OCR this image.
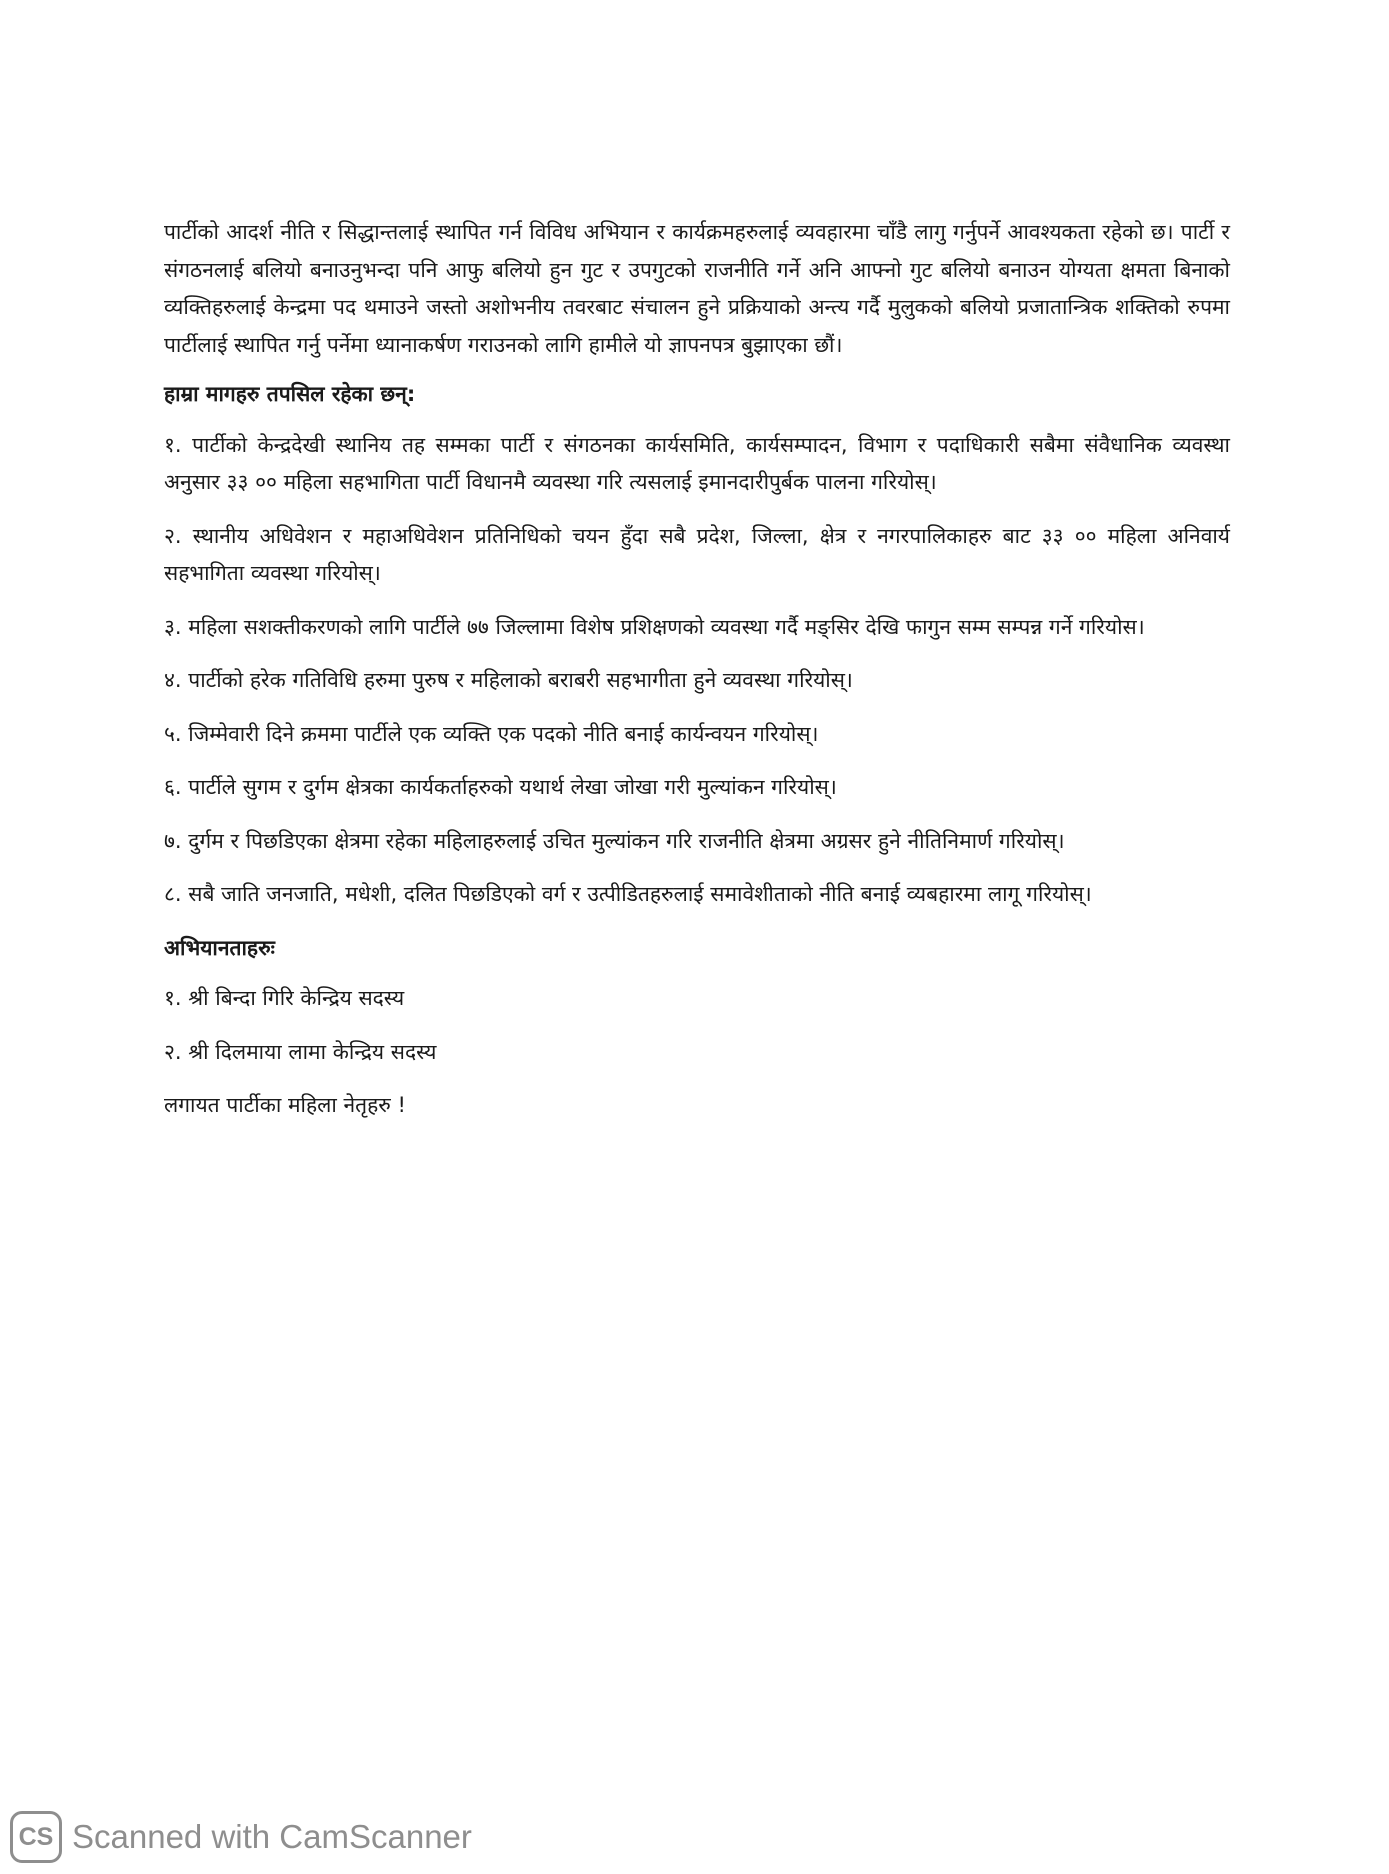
पार्टीको आदर्श नीति र सिद्धान्तलाई स्थापित गर्न विविध अभियान र कार्यक्रमहरुलाई व्यवहारमा चाँडै लागु गर्नुपर्ने आवश्यकता रहेको छ। पार्टी र संगठनलाई बलियो बनाउनुभन्दा पनि आफु बलियो हुन गुट र उपगुटको राजनीति गर्ने अनि आफ्नो गुट बलियो बनाउन योग्यता क्षमता बिनाको व्यक्तिहरुलाई केन्द्रमा पद थमाउने जस्तो अशोभनीय तवरबाट संचालन हुने प्रक्रियाको अन्त्य गर्दै मुलुकको बलियो प्रजातान्त्रिक शक्तिको रुपमा पार्टीलाई स्थापित गर्नु पर्नेमा ध्यानाकर्षण गराउनको लागि हामीले यो ज्ञापनपत्र बुझाएका छौं।

हाम्रा मागहरु तपसिल रहेका छन्:

१. पार्टीको केन्द्रदेखी स्थानिय तह सम्मका पार्टी र संगठनका कार्यसमिति, कार्यसम्पादन, विभाग र पदाधिकारी सबैमा संवैधानिक व्यवस्था अनुसार ३३ ०० महिला सहभागिता पार्टी विधानमै व्यवस्था गरि त्यसलाई इमानदारीपुर्बक पालना गरियोस्।

२. स्थानीय अधिवेशन र महाअधिवेशन प्रतिनिधिको चयन हुँदा सबै प्रदेश, जिल्ला, क्षेत्र र नगरपालिकाहरु बाट ३३ ०० महिला अनिवार्य सहभागिता व्यवस्था गरियोस्।

३. महिला सशक्तीकरणको लागि पार्टीले ७७ जिल्लामा विशेष प्रशिक्षणको व्यवस्था गर्दै मङ्सिर देखि फागुन सम्म सम्पन्न गर्ने गरियोस।

४. पार्टीको हरेक गतिविधि हरुमा पुरुष र महिलाको बराबरी सहभागीता हुने व्यवस्था गरियोस्।

५. जिम्मेवारी दिने क्रममा पार्टीले एक व्यक्ति एक पदको नीति बनाई कार्यन्वयन गरियोस्।

६. पार्टीले सुगम र दुर्गम क्षेत्रका कार्यकर्ताहरुको यथार्थ लेखा जोखा गरी मुल्यांकन गरियोस्।

७. दुर्गम र पिछडिएका क्षेत्रमा रहेका महिलाहरुलाई उचित मुल्यांकन गरि राजनीति क्षेत्रमा अग्रसर हुने नीतिनिमार्ण गरियोस्।

८. सबै जाति जनजाति, मधेशी, दलित पिछडिएको वर्ग र उत्पीडितहरुलाई समावेशीताको नीति बनाई व्यबहारमा लागू गरियोस्।

अभियानताहरुः

१. श्री बिन्दा गिरि केन्द्रिय सदस्य

२. श्री दिलमाया लामा केन्द्रिय सदस्य

लगायत पार्टीका महिला नेतृहरु !

CS Scanned with CamScanner
